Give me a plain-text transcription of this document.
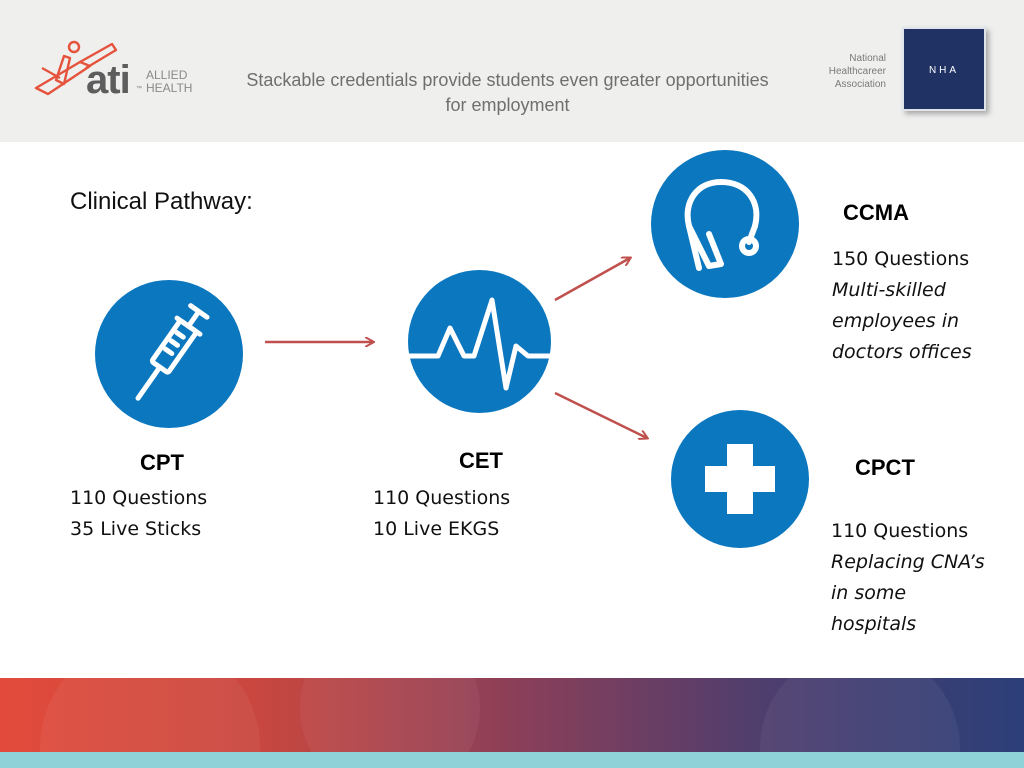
ati ™
ALLIED
HEALTH	Stackable credentials provide students even greater opportunities for employment
National
Healthcareer
Association
NHA
Clinical Pathway:
CPT
110 Questions
35 Live Sticks
CET
110 Questions
10 Live EKGS
CCMA
150 Questions
Multi-skilled
employees in
doctors offices
CPCT
110 Questions
Replacing CNA’s
in some
hospitals
